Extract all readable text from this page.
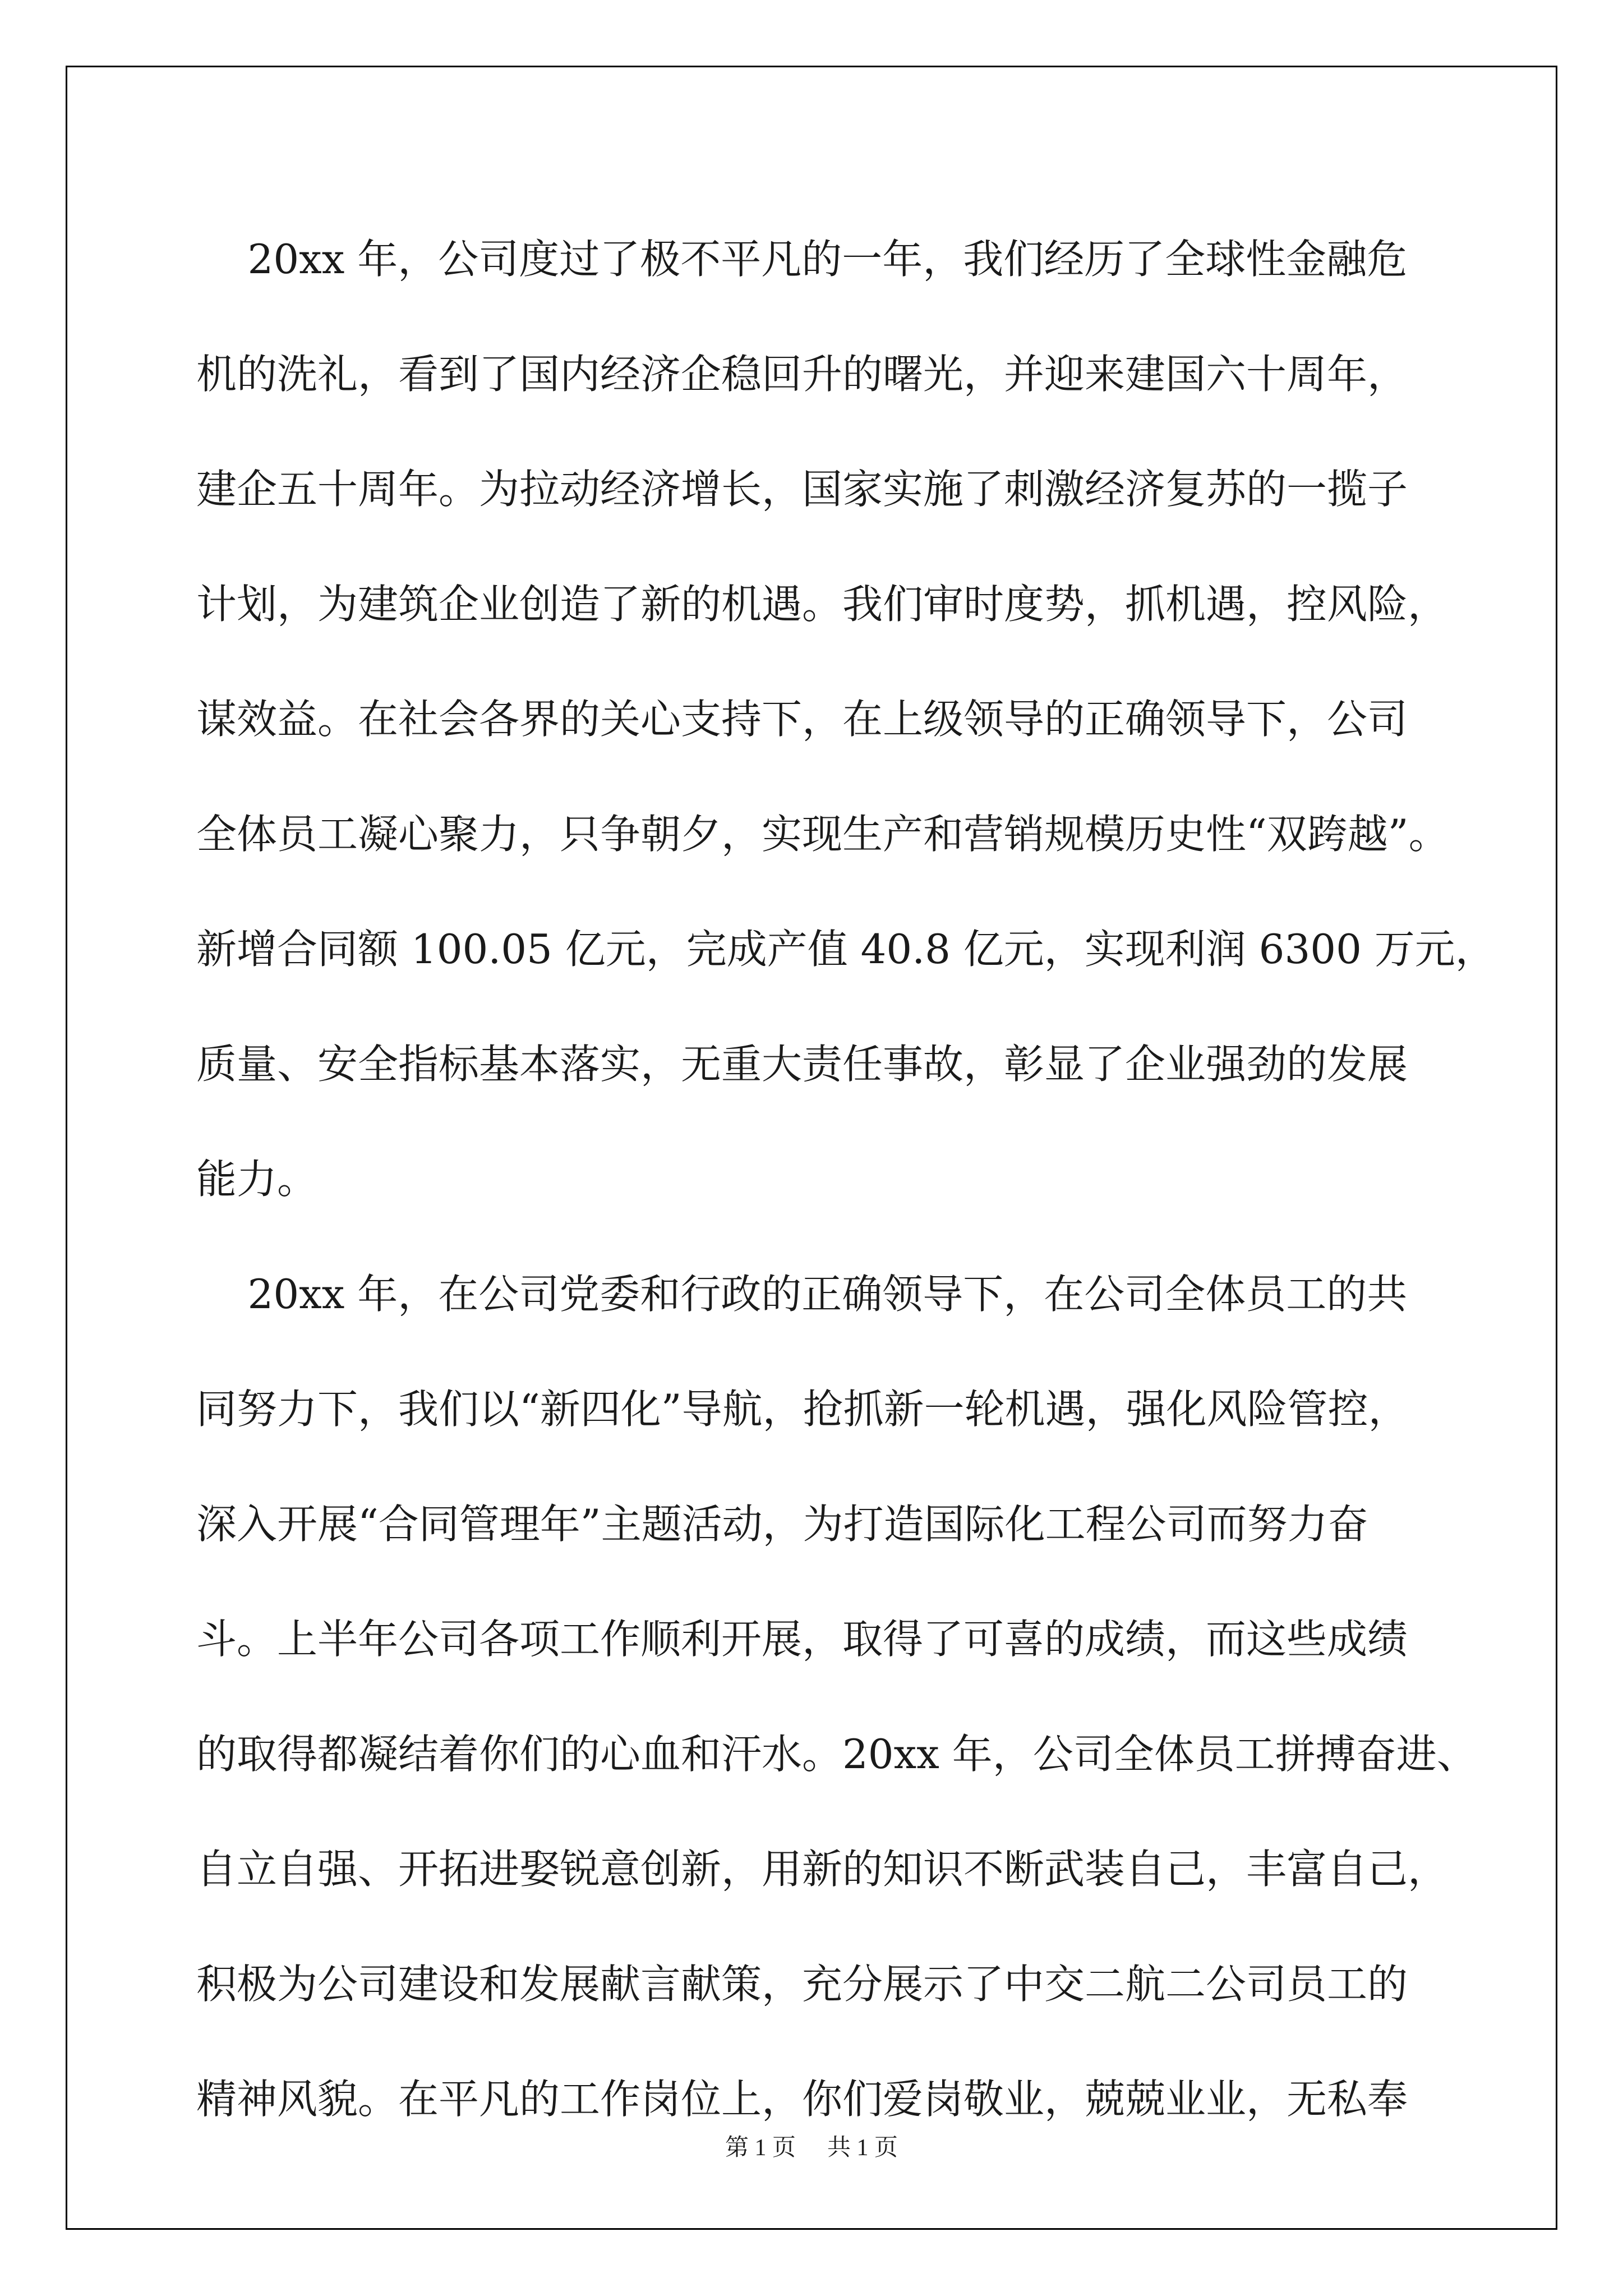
20xx 年，公司度过了极不平凡的一年，我们经历了全球性金融危
机的洗礼，看到了国内经济企稳回升的曙光，并迎来建国六十周年，
建企五十周年。为拉动经济增长，国家实施了刺激经济复苏的一揽子
计划，为建筑企业创造了新的机遇。我们审时度势，抓机遇，控风险，
谋效益。在社会各界的关心支持下，在上级领导的正确领导下，公司
全体员工凝心聚力，只争朝夕，实现生产和营销规模历史性“双跨越”。
新增合同额 100.05 亿元，完成产值 40.8 亿元，实现利润 6300 万元，
质量、安全指标基本落实，无重大责任事故，彰显了企业强劲的发展
能力。
20xx 年，在公司党委和行政的正确领导下，在公司全体员工的共
同努力下，我们以“新四化”导航，抢抓新一轮机遇，强化风险管控，
深入开展“合同管理年”主题活动，为打造国际化工程公司而努力奋
斗。上半年公司各项工作顺利开展，取得了可喜的成绩，而这些成绩
的取得都凝结着你们的心血和汗水。20xx 年，公司全体员工拼搏奋进、
自立自强、开拓进娶锐意创新，用新的知识不断武装自己，丰富自己，
积极为公司建设和发展献言献策，充分展示了中交二航二公司员工的
精神风貌。在平凡的工作岗位上，你们爱岗敬业，兢兢业业，无私奉
第 1 页 共 1 页
